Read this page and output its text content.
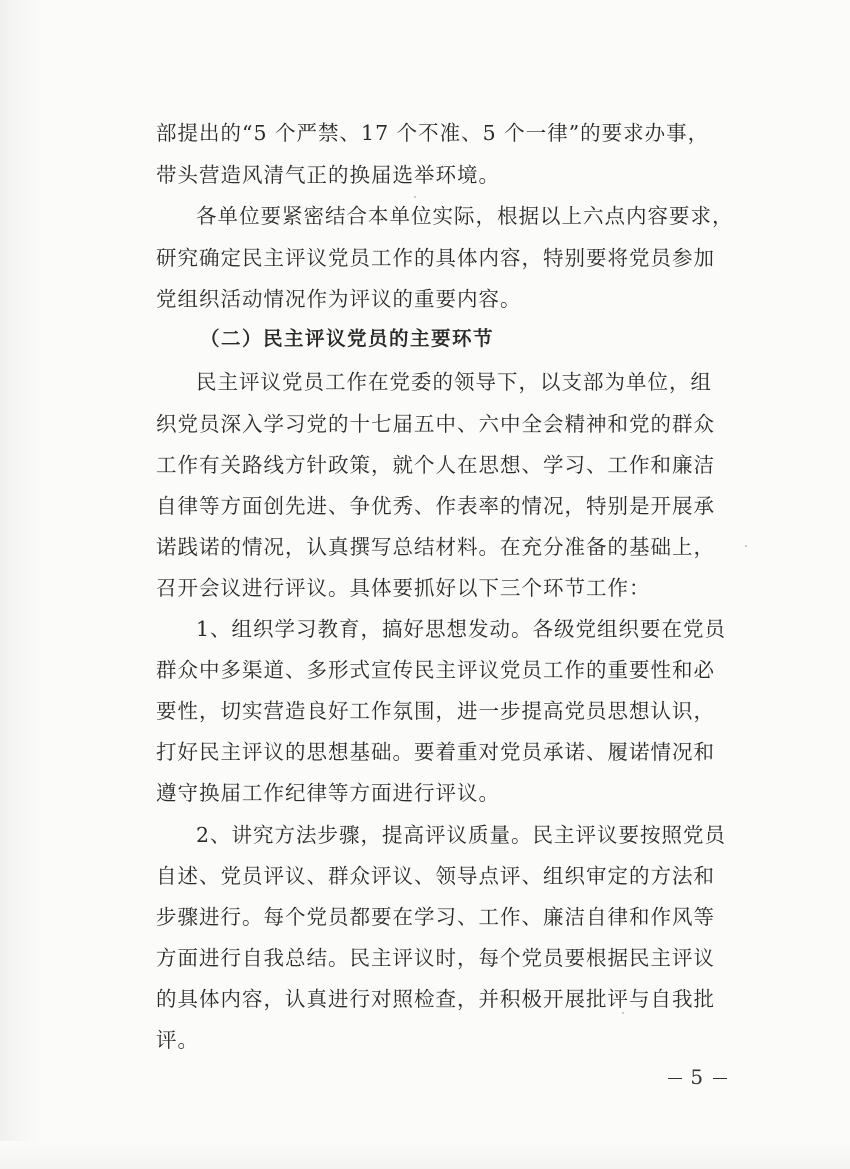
部提出的“5 个严禁、17 个不准、5 个一律”的要求办事，

带头营造风清气正的换届选举环境。

各单位要紧密结合本单位实际，根据以上六点内容要求，

研究确定民主评议党员工作的具体内容，特别要将党员参加

党组织活动情况作为评议的重要内容。

（二）民主评议党员的主要环节

民主评议党员工作在党委的领导下，以支部为单位，组

织党员深入学习党的十七届五中、六中全会精神和党的群众

工作有关路线方针政策，就个人在思想、学习、工作和廉洁

自律等方面创先进、争优秀、作表率的情况，特别是开展承

诺践诺的情况，认真撰写总结材料。在充分准备的基础上，

召开会议进行评议。具体要抓好以下三个环节工作：

1、组织学习教育，搞好思想发动。各级党组织要在党员

群众中多渠道、多形式宣传民主评议党员工作的重要性和必

要性，切实营造良好工作氛围，进一步提高党员思想认识，

打好民主评议的思想基础。要着重对党员承诺、履诺情况和

遵守换届工作纪律等方面进行评议。

2、讲究方法步骤，提高评议质量。民主评议要按照党员

自述、党员评议、群众评议、领导点评、组织审定的方法和

步骤进行。每个党员都要在学习、工作、廉洁自律和作风等

方面进行自我总结。民主评议时，每个党员要根据民主评议

的具体内容，认真进行对照检查，并积极开展批评与自我批

评。

5
